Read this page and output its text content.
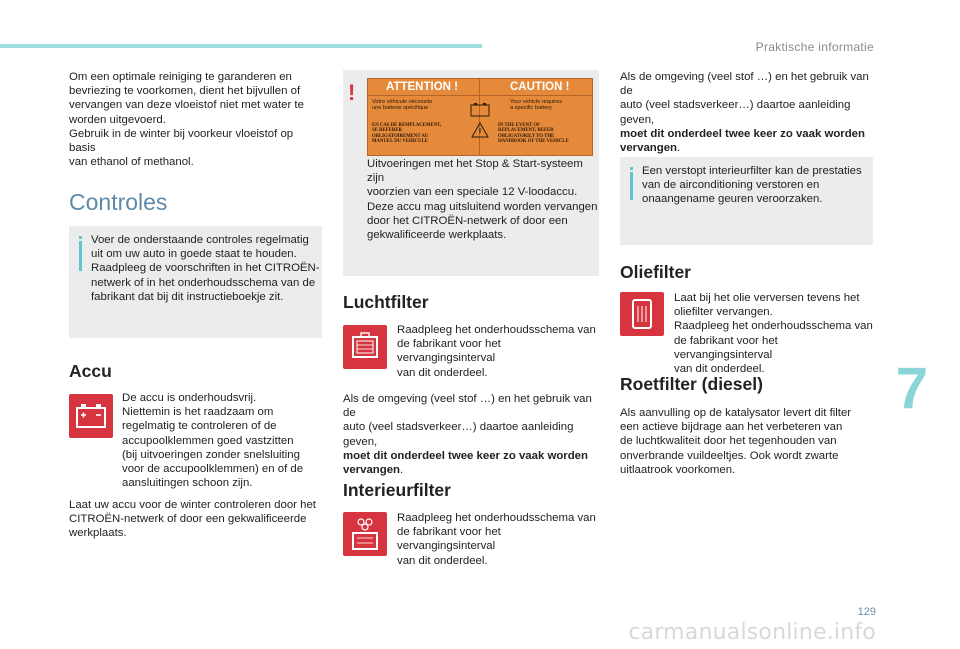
Praktische informatie
7
129
carmanualsonline.info
Om een optimale reiniging te garanderen en
bevriezing te voorkomen, dient het bijvullen of
vervangen van deze vloeistof niet met water te
worden uitgevoerd.
Gebruik in de winter bij voorkeur vloeistof op basis
van ethanol of methanol.
Controles
Voer de onderstaande controles regelmatig
uit om uw auto in goede staat te houden.
Raadpleeg de voorschriften in het CITROËN-
netwerk of in het onderhoudsschema van de
fabrikant dat bij dit instructieboekje zit.
Accu
De accu is onderhoudsvrij.
Niettemin is het raadzaam om
regelmatig te controleren of de
accupoolklemmen goed vastzitten
(bij uitvoeringen zonder snelsluiting
voor de accupoolklemmen) en of de
aansluitingen schoon zijn.
Laat uw accu voor de winter controleren door het
CITROËN-netwerk of door een gekwalificeerde
werkplaats.
!	ATTENTION !	CAUTION !
Votre véhicule nécessite
une batterie spécifique
Your vehicle requires
a specific battery
EN CAS DE REMPLACEMENT,
SE REFERER
OBLIGATOIREMENT AU
MANUEL DU VEHICULE
IN THE EVENT OF
REPLACEMENT, REFER
OBLIGATORILY TO THE
HANDBOOK OF THE VEHICLE
Uitvoeringen met het Stop & Start-systeem zijn
voorzien van een speciale 12 V-loodaccu.
Deze accu mag uitsluitend worden vervangen
door het CITROËN-netwerk of door een
gekwalificeerde werkplaats.
Luchtfilter
Raadpleeg het onderhoudsschema van
de fabrikant voor het vervangingsinterval
van dit onderdeel.
Als de omgeving (veel stof …) en het gebruik van de
auto (veel stadsverkeer…) daartoe aanleiding geven,
moet dit onderdeel twee keer zo vaak worden
vervangen.
Interieurfilter
Raadpleeg het onderhoudsschema van
de fabrikant voor het vervangingsinterval
van dit onderdeel.
Als de omgeving (veel stof …) en het gebruik van de
auto (veel stadsverkeer…) daartoe aanleiding geven,
moet dit onderdeel twee keer zo vaak worden
vervangen.
Een verstopt interieurfilter kan de prestaties
van de airconditioning verstoren en
onaangename geuren veroorzaken.
Oliefilter
Laat bij het olie verversen tevens het
oliefilter vervangen.
Raadpleeg het onderhoudsschema van
de fabrikant voor het vervangingsinterval
van dit onderdeel.
Roetfilter (diesel)
Als aanvulling op de katalysator levert dit filter
een actieve bijdrage aan het verbeteren van
de luchtkwaliteit door het tegenhouden van
onverbrande vuildeeltjes. Ook wordt zwarte
uitlaatrook voorkomen.
